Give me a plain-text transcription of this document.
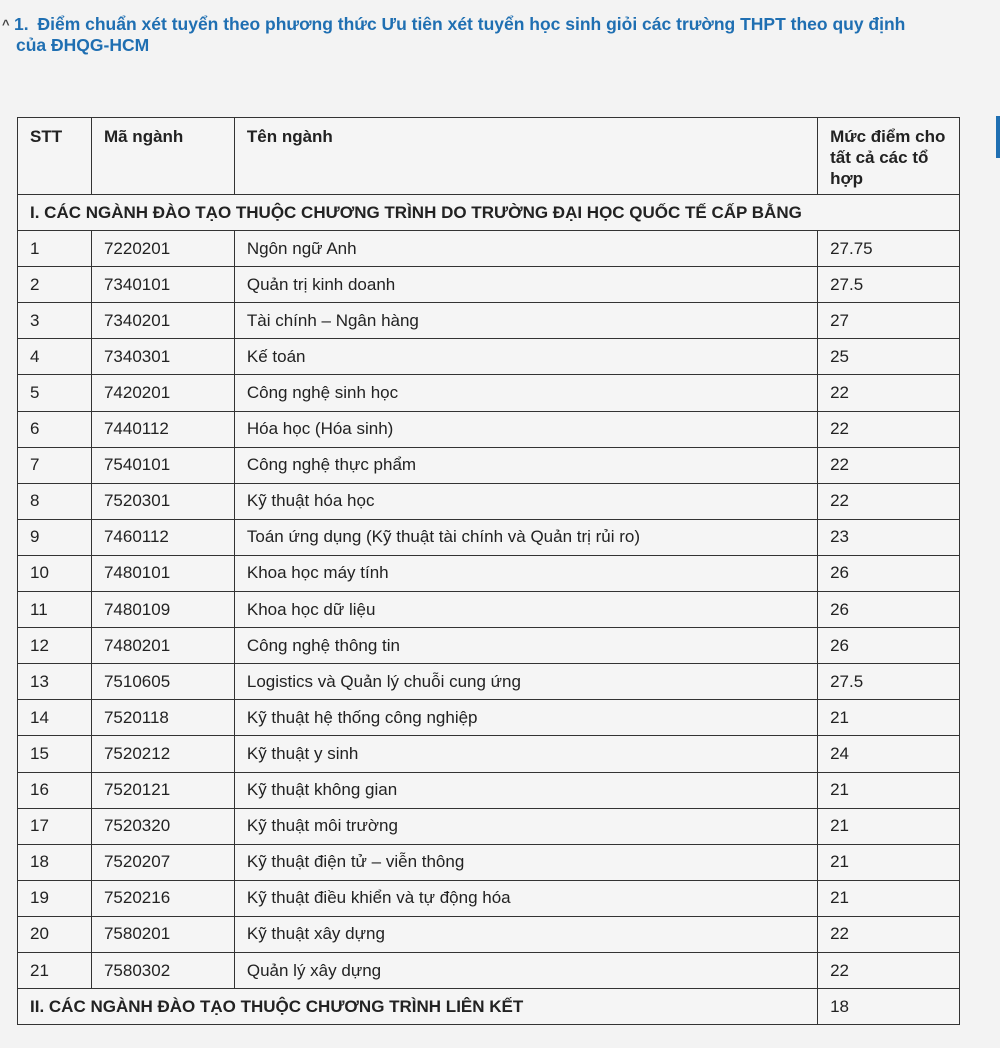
^ 1. Điểm chuẩn xét tuyển theo phương thức Ưu tiên xét tuyển học sinh giỏi các trường THPT theo quy định
của ĐHQG-HCM
STT	Mã ngành	Tên ngành	Mức điểm cho tất cả các tổ hợp
I. CÁC NGÀNH ĐÀO TẠO THUỘC CHƯƠNG TRÌNH DO TRƯỜNG ĐẠI HỌC QUỐC TẾ CẤP BẰNG			
1	7220201	Ngôn ngữ Anh	27.75
2	7340101	Quản trị kinh doanh	27.5
3	7340201	Tài chính – Ngân hàng	27
4	7340301	Kế toán	25
5	7420201	Công nghệ sinh học	22
6	7440112	Hóa học (Hóa sinh)	22
7	7540101	Công nghệ thực phẩm	22
8	7520301	Kỹ thuật hóa học	22
9	7460112	Toán ứng dụng (Kỹ thuật tài chính và Quản trị rủi ro)	23
10	7480101	Khoa học máy tính	26
11	7480109	Khoa học dữ liệu	26
12	7480201	Công nghệ thông tin	26
13	7510605	Logistics và Quản lý chuỗi cung ứng	27.5
14	7520118	Kỹ thuật hệ thống công nghiệp	21
15	7520212	Kỹ thuật y sinh	24
16	7520121	Kỹ thuật không gian	21
17	7520320	Kỹ thuật môi trường	21
18	7520207	Kỹ thuật điện tử – viễn thông	21
19	7520216	Kỹ thuật điều khiển và tự động hóa	21
20	7580201	Kỹ thuật xây dựng	22
21	7580302	Quản lý xây dựng	22
II. CÁC NGÀNH ĐÀO TẠO THUỘC CHƯƠNG TRÌNH LIÊN KẾT			18
